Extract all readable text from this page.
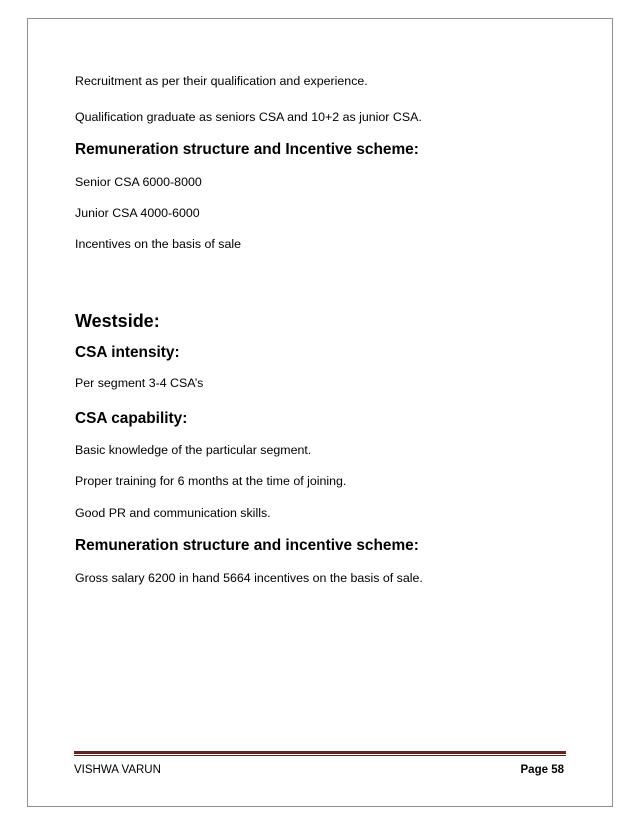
Recruitment as per their qualification and experience.
Qualification graduate as seniors CSA and 10+2 as junior CSA.
Remuneration structure and Incentive scheme:
Senior CSA 6000-8000
Junior CSA 4000-6000
Incentives on the basis of sale
Westside:
CSA intensity:
Per segment 3-4 CSA’s
CSA capability:
Basic knowledge of the particular segment.
Proper training for 6 months at the time of joining.
Good PR and communication skills.
Remuneration structure and incentive scheme:
Gross salary 6200 in hand 5664 incentives on the basis of sale.
VISHWA VARUN	Page 58
